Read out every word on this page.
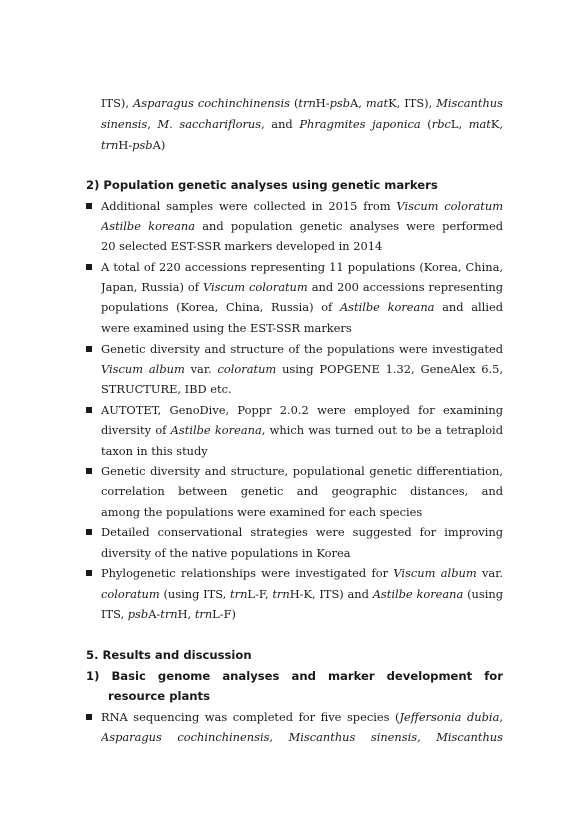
ITS), Asparagus cochinchinensis (trnH-psbA, matK, ITS), Miscanthus
sinensis, M. sacchariflorus, and Phragmites japonica (rbcL, matK,
trnH-psbA)
2) Population genetic analyses using genetic markers
Additional samples were collected in 2015 from Viscum coloratum
Astilbe koreana and population genetic analyses were performed
20 selected EST-SSR markers developed in 2014
A total of 220 accessions representing 11 populations (Korea, China,
Japan, Russia) of Viscum coloratum and 200 accessions representing
populations (Korea, China, Russia) of Astilbe koreana and allied
were examined using the EST-SSR markers
Genetic diversity and structure of the populations were investigated
Viscum album var. coloratum using POPGENE 1.32, GeneAlex 6.5,
STRUCTURE, IBD etc.
AUTOTET, GenoDive, Poppr 2.0.2 were employed for examining
diversity of Astilbe koreana, which was turned out to be a tetraploid
taxon in this study
Genetic diversity and structure, populational genetic differentiation,
correlation between genetic and geographic distances, and
among the populations were examined for each species
Detailed conservational strategies were suggested for improving
diversity of the native populations in Korea
Phylogenetic relationships were investigated for Viscum album var.
coloratum (using ITS, trnL-F, trnH-K, ITS) and Astilbe koreana (using
ITS, psbA-trnH, trnL-F)
5. Results and discussion
1) Basic genome analyses and marker development for
resource plants
RNA sequencing was completed for five species (Jeffersonia dubia,
Asparagus cochinchinensis, Miscanthus sinensis, Miscanthus
